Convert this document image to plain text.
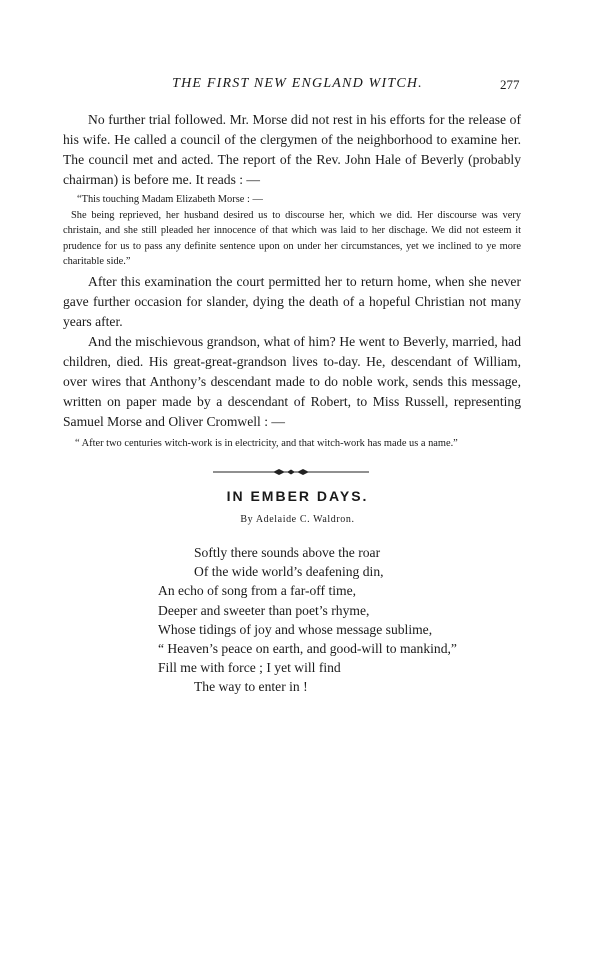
THE FIRST NEW ENGLAND WITCH.	277

No further trial followed. Mr. Morse did not rest in his efforts for the release of his wife. He called a council of the clergymen of the neighborhood to examine her. The council met and acted. The report of the Rev. John Hale of Beverly (probably chairman) is before me. It reads : —

“This touching Madam Elizabeth Morse : —
She being reprieved, her husband desired us to discourse her, which we did. Her discourse was very christain, and she still pleaded her innocence of that which was laid to her dischage. We did not esteem it prudence for us to pass any definite sentence upon on under her circumstances, yet we inclined to ye more charitable side.”

After this examination the court permitted her to return home, when she never gave further occasion for slander, dying the death of a hopeful Christian not many years after.

And the mischievous grandson, what of him? He went to Beverly, married, had children, died. His great-great-grandson lives to-day. He, descendant of William, over wires that Anthony’s descendant made to do noble work, sends this message, written on paper made by a descendant of Robert, to Miss Russell, representing Samuel Morse and Oliver Cromwell : —

“ After two centuries witch-work is in electricity, and that witch-work has made us a name.”
IN EMBER DAYS.
By Adelaide C. Waldron.
Softly there sounds above the roar
Of the wide world’s deafening din,
An echo of song from a far-off time,
Deeper and sweeter than poet’s rhyme,
Whose tidings of joy and whose message sublime,
“ Heaven’s peace on earth, and good-will to mankind,”
Fill me with force ; I yet will find
The way to enter in !
